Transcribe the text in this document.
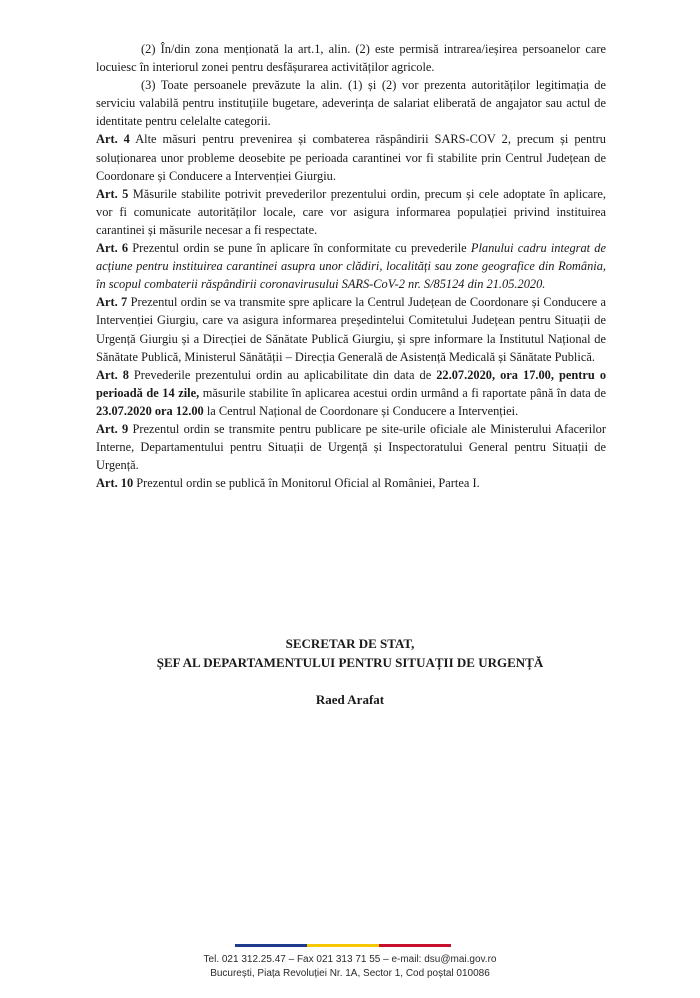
(2) În/din zona menționată la art.1, alin. (2) este permisă intrarea/ieșirea persoanelor care locuiesc în interiorul zonei pentru desfășurarea activităților agricole.

(3) Toate persoanele prevăzute la alin. (1) și (2) vor prezenta autorităților legitimația de serviciu valabilă pentru instituțiile bugetare, adeverința de salariat eliberată de angajator sau actul de identitate pentru celelalte categorii.

Art. 4 Alte măsuri pentru prevenirea și combaterea răspândirii SARS-COV 2, precum și pentru soluționarea unor probleme deosebite pe perioada carantinei vor fi stabilite prin Centrul Județean de Coordonare și Conducere a Intervenției Giurgiu.

Art. 5 Măsurile stabilite potrivit prevederilor prezentului ordin, precum și cele adoptate în aplicare, vor fi comunicate autorităților locale, care vor asigura informarea populației privind instituirea carantinei și măsurile necesar a fi respectate.

Art. 6 Prezentul ordin se pune în aplicare în conformitate cu prevederile Planului cadru integrat de acțiune pentru instituirea carantinei asupra unor clădiri, localități sau zone geografice din România, în scopul combaterii răspândirii coronavirusului SARS-CoV-2 nr. S/85124 din 21.05.2020.

Art. 7 Prezentul ordin se va transmite spre aplicare la Centrul Județean de Coordonare și Conducere a Intervenției Giurgiu, care va asigura informarea președintelui Comitetului Județean pentru Situații de Urgență Giurgiu și a Direcției de Sănătate Publică Giurgiu, și spre informare la Institutul Național de Sănătate Publică, Ministerul Sănătății – Direcția Generală de Asistență Medicală și Sănătate Publică.

Art. 8 Prevederile prezentului ordin au aplicabilitate din data de 22.07.2020, ora 17.00, pentru o perioadă de 14 zile, măsurile stabilite în aplicarea acestui ordin urmând a fi raportate până în data de 23.07.2020 ora 12.00 la Centrul Național de Coordonare și Conducere a Intervenției.

Art. 9 Prezentul ordin se transmite pentru publicare pe site-urile oficiale ale Ministerului Afacerilor Interne, Departamentului pentru Situații de Urgență și Inspectoratului General pentru Situații de Urgență.

Art. 10 Prezentul ordin se publică în Monitorul Oficial al României, Partea I.

SECRETAR DE STAT,
ȘEF AL DEPARTAMENTULUI PENTRU SITUAȚII DE URGENȚĂ
Raed Arafat
Tel. 021 312.25.47 – Fax 021 313 71 55 – e-mail: dsu@mai.gov.ro
București, Piața Revoluției Nr. 1A, Sector 1, Cod poștal 010086
